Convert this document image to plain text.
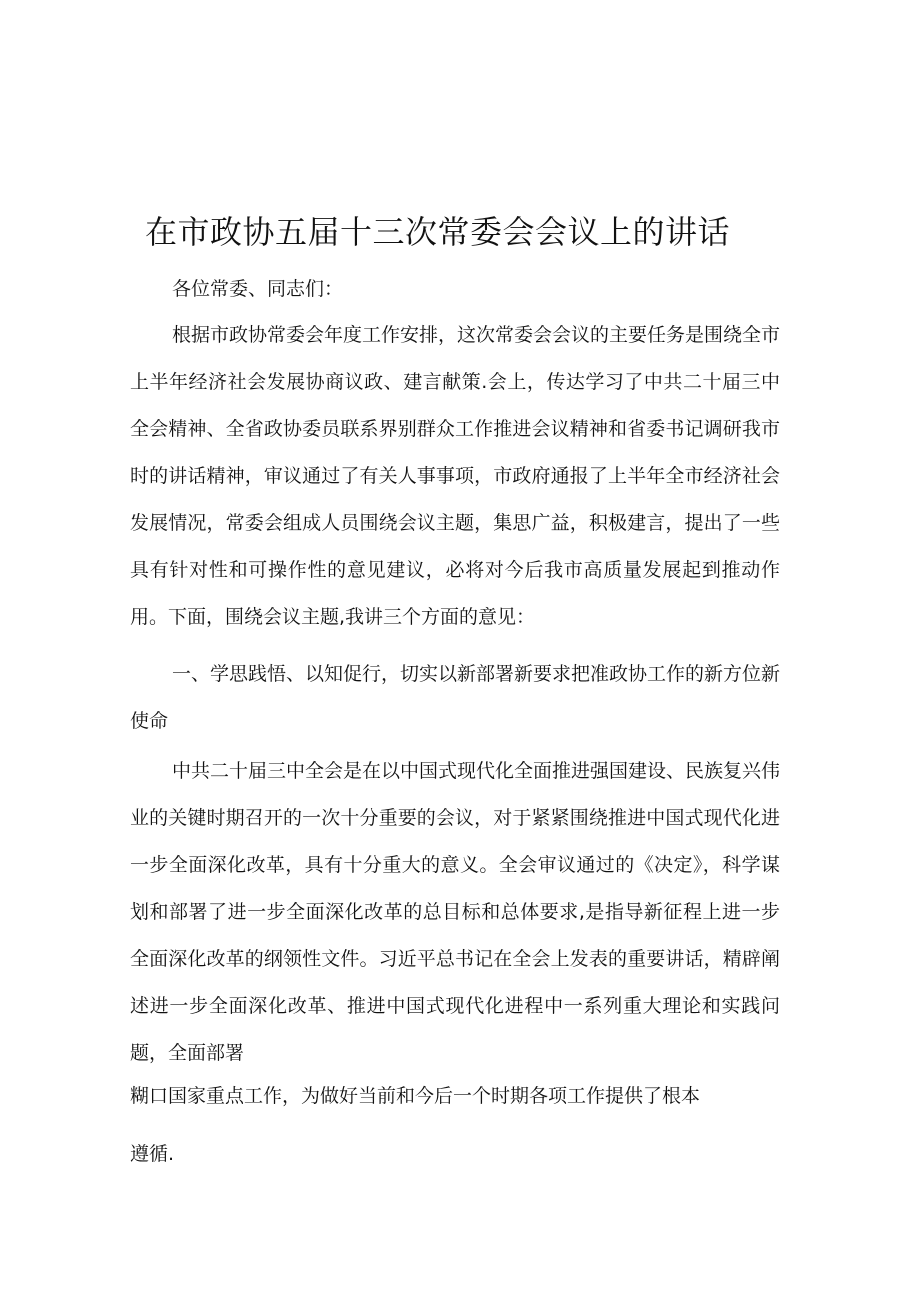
在市政协五届十三次常委会会议上的讲话

各位常委、同志们：

根据市政协常委会年度工作安排，这次常委会会议的主要任务是围绕全市上半年经济社会发展协商议政、建言献策.会上，传达学习了中共二十届三中全会精神、全省政协委员联系界别群众工作推进会议精神和省委书记调研我市时的讲话精神，审议通过了有关人事事项，市政府通报了上半年全市经济社会发展情况，常委会组成人员围绕会议主题，集思广益，积极建言，提出了一些具有针对性和可操作性的意见建议，必将对今后我市高质量发展起到推动作用。下面，围绕会议主题,我讲三个方面的意见：

一、学思践悟、以知促行，切实以新部署新要求把准政协工作的新方位新使命

中共二十届三中全会是在以中国式现代化全面推进强国建设、民族复兴伟业的关键时期召开的一次十分重要的会议，对于紧紧围绕推进中国式现代化进一步全面深化改革，具有十分重大的意义。全会审议通过的《决定》，科学谋划和部署了进一步全面深化改革的总目标和总体要求,是指导新征程上进一步全面深化改革的纲领性文件。习近平总书记在全会上发表的重要讲话，精辟阐述进一步全面深化改革、推进中国式现代化进程中一系列重大理论和实践问题，全面部署

糊口国家重点工作，为做好当前和今后一个时期各项工作提供了根本

遵循.
